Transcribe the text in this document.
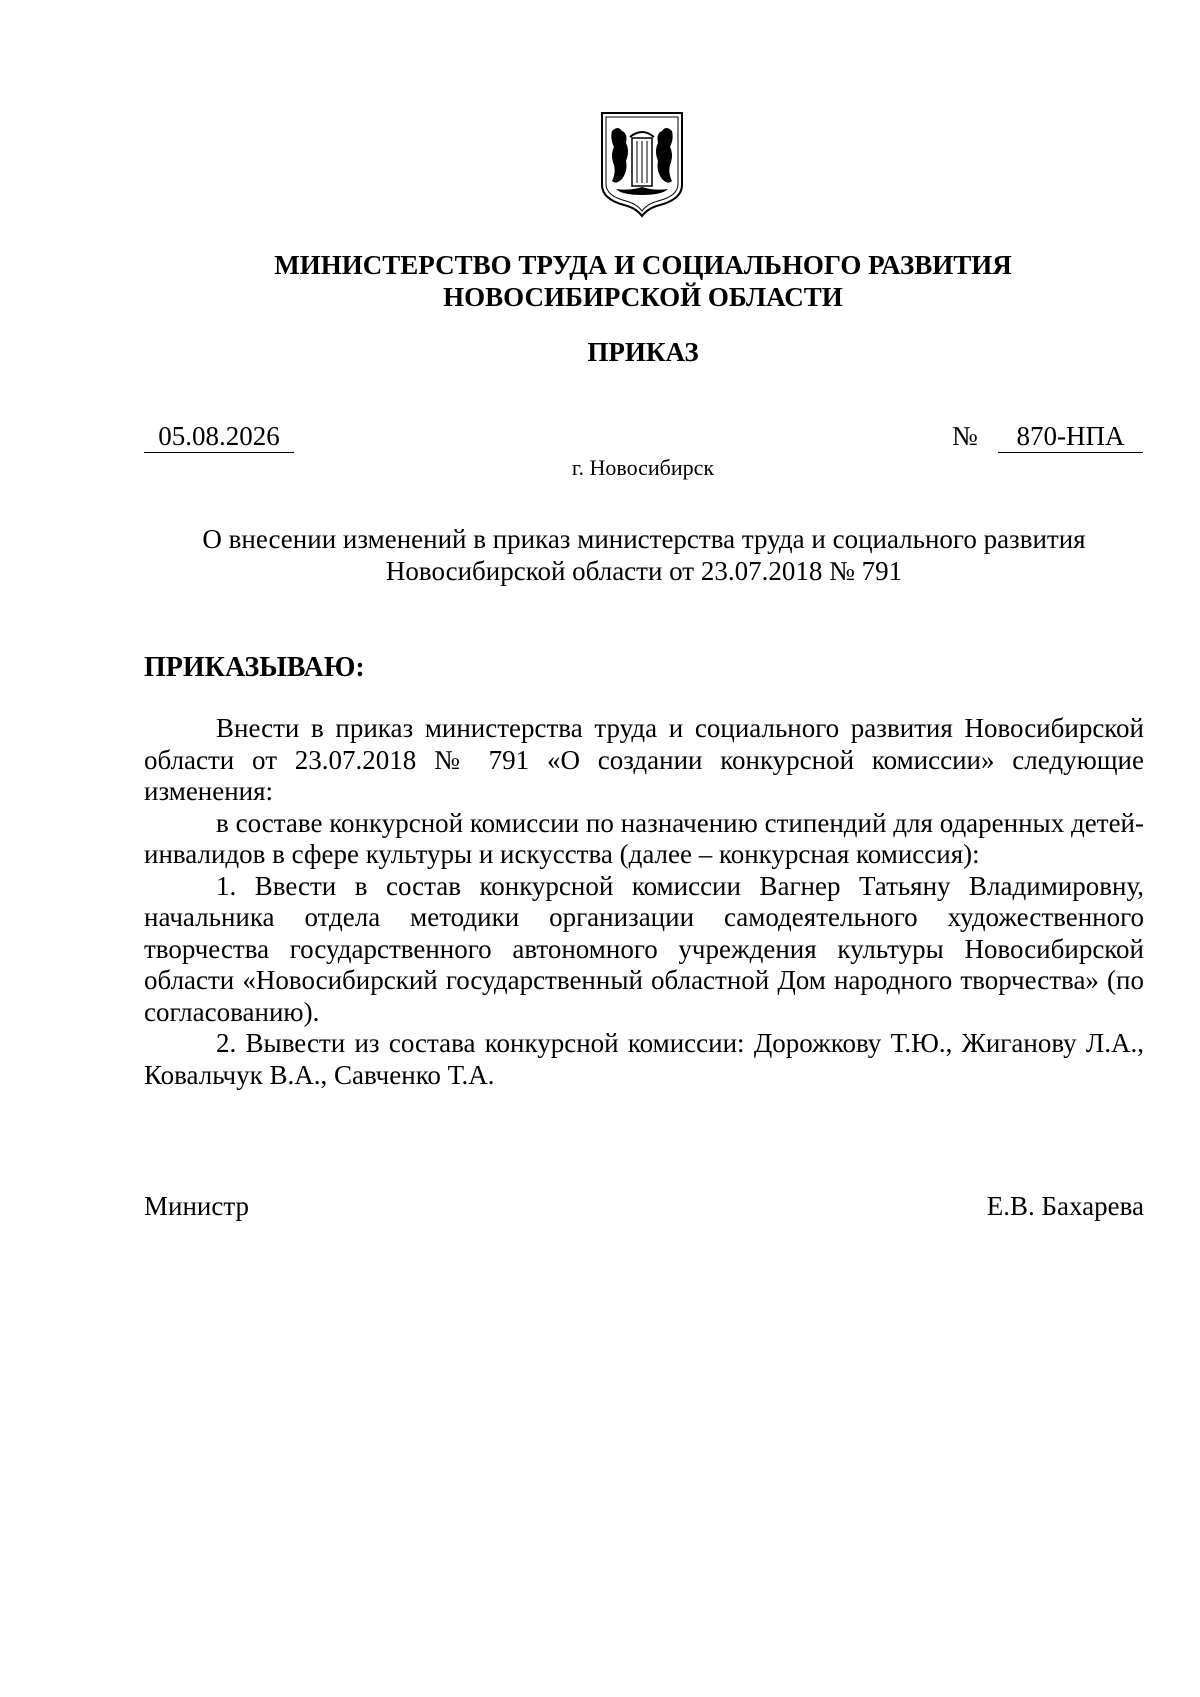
МИНИСТЕРСТВО ТРУДА И СОЦИАЛЬНОГО РАЗВИТИЯ
НОВОСИБИРСКОЙ ОБЛАСТИ
ПРИКАЗ
05.08.2026	№	870-НПА
г. Новосибирск
О внесении изменений в приказ министерства труда и социального развития
Новосибирской области от 23.07.2018 № 791
ПРИКАЗЫВАЮ:

Внести в приказ министерства труда и социального развития Новосибирской области от 23.07.2018 № 791 «О создании конкурсной комиссии» следующие изменения:

в составе конкурсной комиссии по назначению стипендий для одаренных детей-инвалидов в сфере культуры и искусства (далее – конкурсная комиссия):

1. Ввести в состав конкурсной комиссии Вагнер Татьяну Владимировну, начальника отдела методики организации самодеятельного художественного творчества государственного автономного учреждения культуры Новосибирской области «Новосибирский государственный областной Дом народного творчества» (по согласованию).

2. Вывести из состава конкурсной комиссии: Дорожкову Т.Ю., Жиганову Л.А., Ковальчук В.А., Савченко Т.А.

Министр	Е.В. Бахарева
